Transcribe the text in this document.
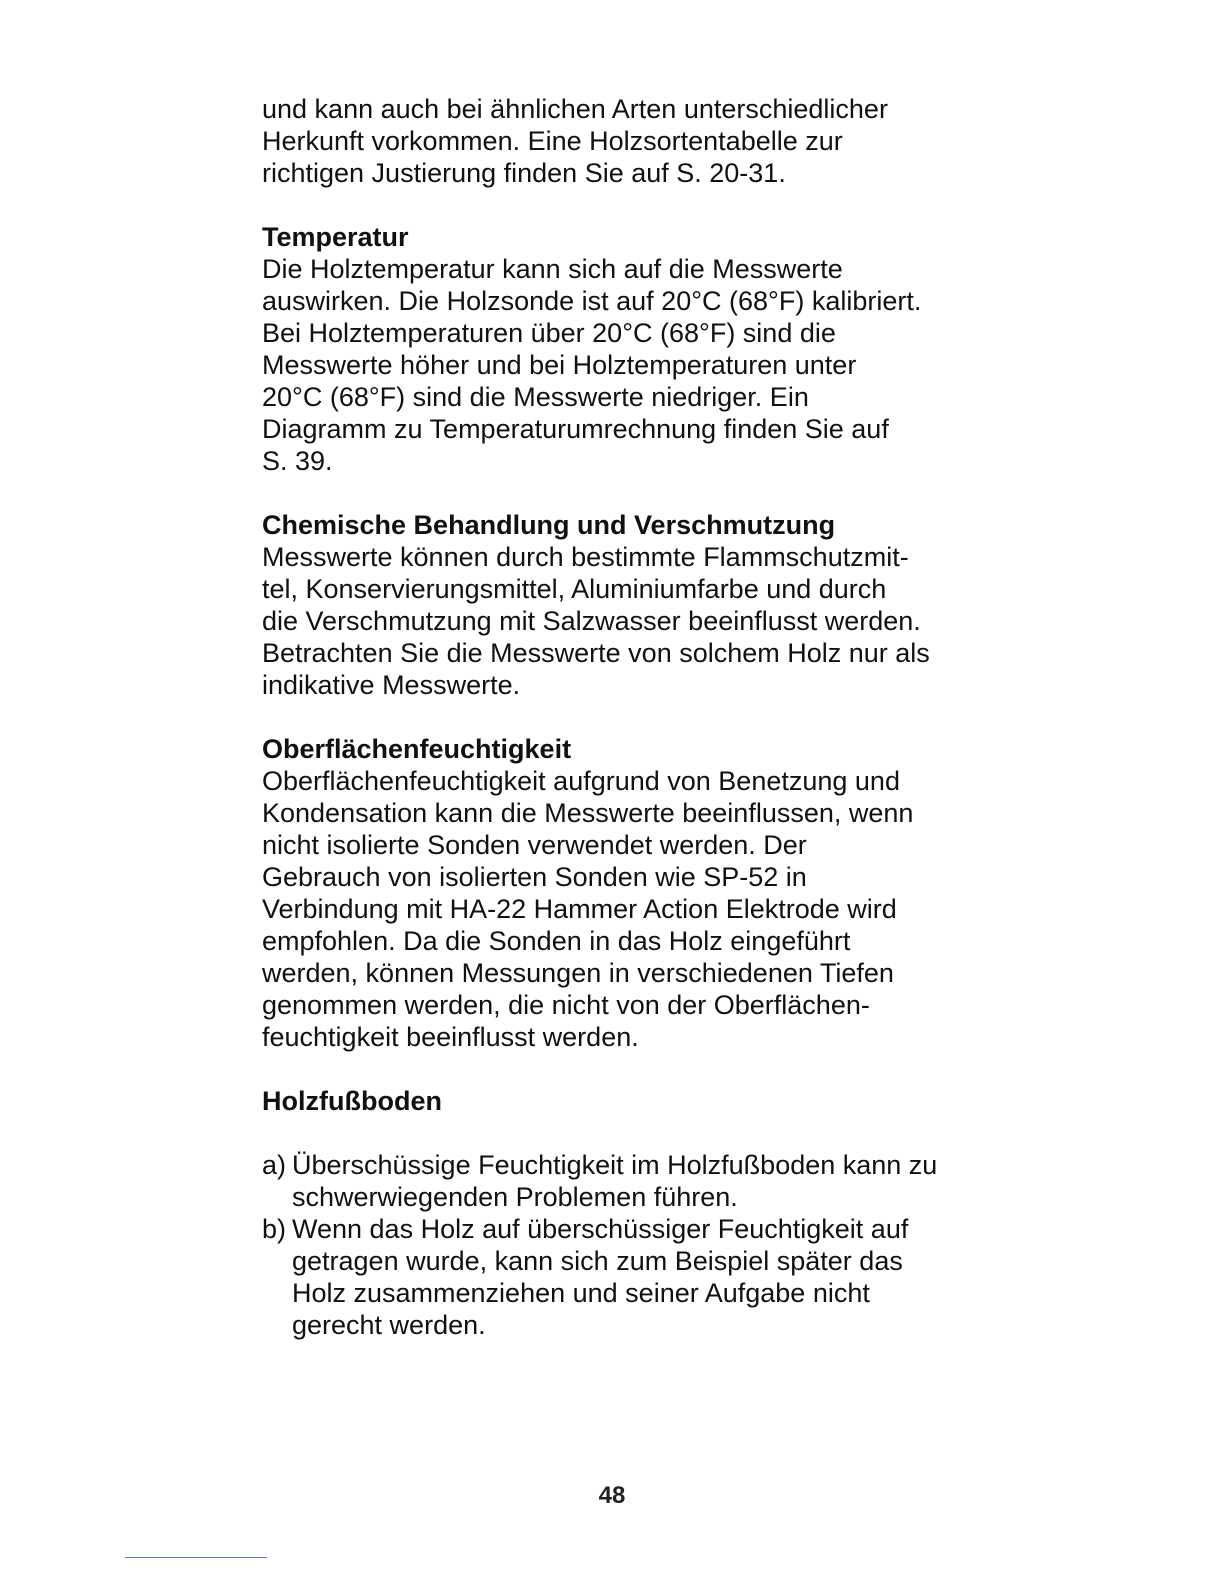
und kann auch bei ähnlichen Arten unterschiedlicher
Herkunft vorkommen. Eine Holzsortentabelle zur
richtigen Justierung finden Sie auf S. 20-31.

Temperatur

Die Holztemperatur kann sich auf die Messwerte
auswirken. Die Holzsonde ist auf 20°C (68°F) kalibriert.
Bei Holztemperaturen über 20°C (68°F) sind die
Messwerte höher und bei Holztemperaturen unter
20°C (68°F) sind die Messwerte niedriger. Ein
Diagramm zu Temperaturumrechnung finden Sie auf
S. 39.

Chemische Behandlung und Verschmutzung

Messwerte können durch bestimmte Flammschutzmit-
tel, Konservierungsmittel, Aluminiumfarbe und durch
die Verschmutzung mit Salzwasser beeinflusst werden.
Betrachten Sie die Messwerte von solchem Holz nur als
indikative Messwerte.

Oberflächenfeuchtigkeit

Oberflächenfeuchtigkeit aufgrund von Benetzung und
Kondensation kann die Messwerte beeinflussen, wenn
nicht isolierte Sonden verwendet werden. Der
Gebrauch von isolierten Sonden wie SP-52 in
Verbindung mit HA-22 Hammer Action Elektrode wird
empfohlen. Da die Sonden in das Holz eingeführt
werden, können Messungen in verschiedenen Tiefen
genommen werden, die nicht von der Oberflächen-
feuchtigkeit beeinflusst werden.

Holzfußboden
a) Überschüssige Feuchtigkeit im Holzfußboden kann zu
schwerwiegenden Problemen führen.
b) Wenn das Holz auf überschüssiger Feuchtigkeit auf
getragen wurde, kann sich zum Beispiel später das
Holz zusammenziehen und seiner Aufgabe nicht
gerecht werden.
48
